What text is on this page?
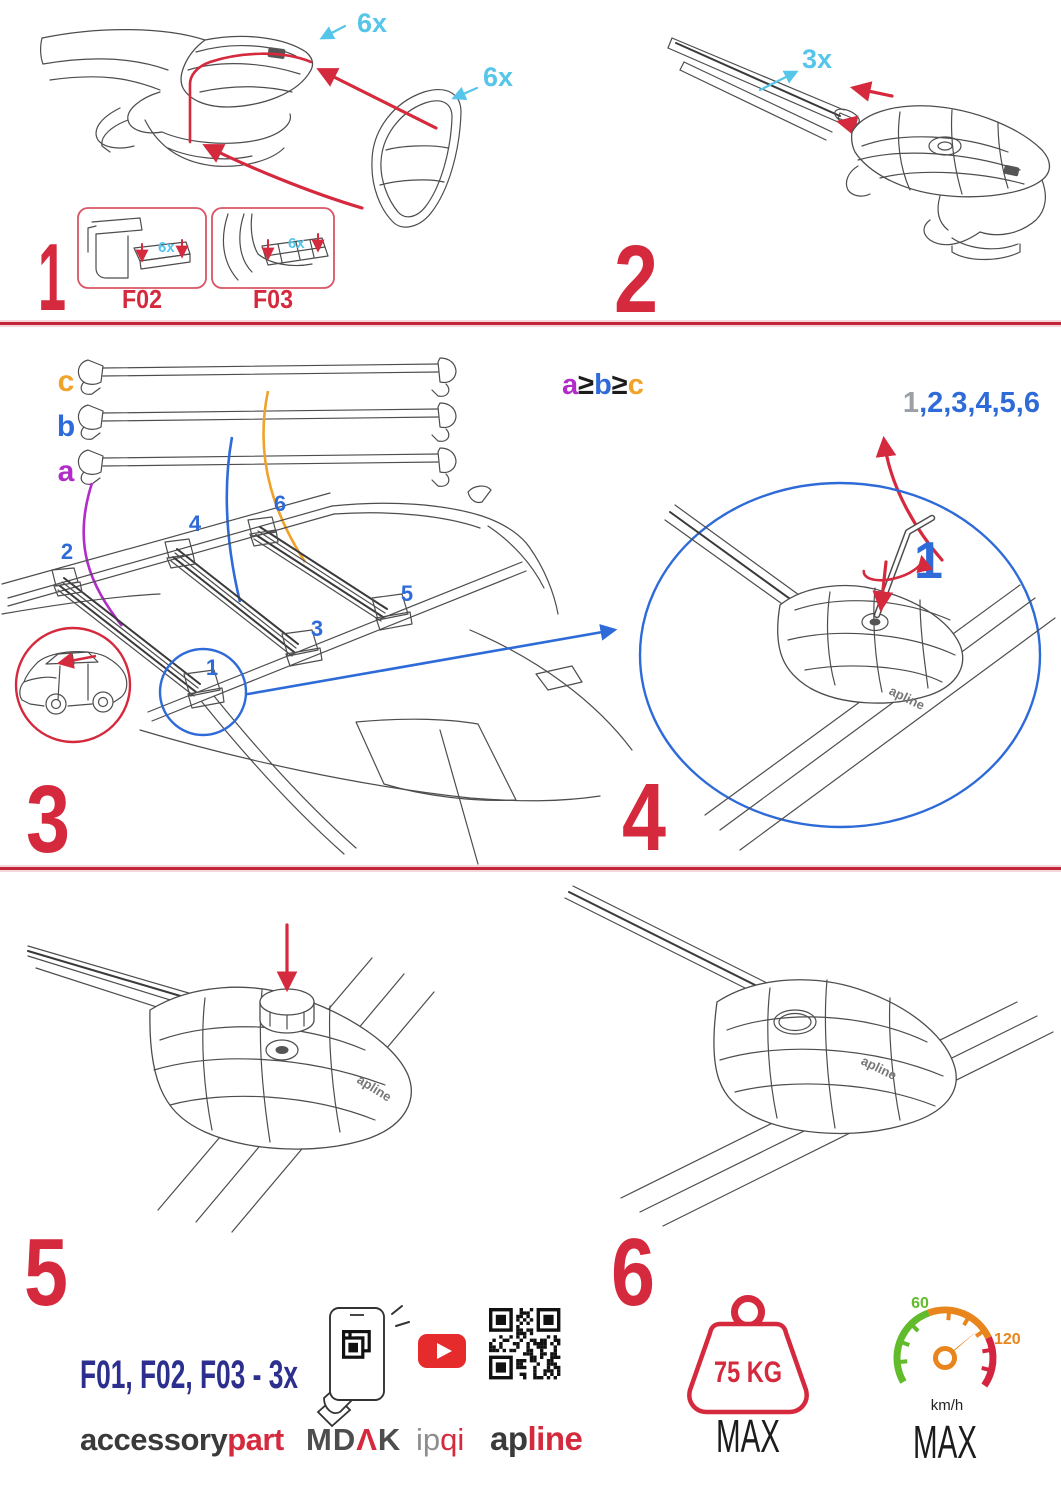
6x
6x
6x
F02
6x
F03
1
3x
2
c
b
a
a≥b≥c
2
4
6
3
5
1
3
1,2,3,4,5,6
1
apline
4
apline
5
apline
6
F01, F02, F03 - 3x	75 KG
MAX
60
120
km/h
MAX
accessorypart MDΛK ipqi apline
